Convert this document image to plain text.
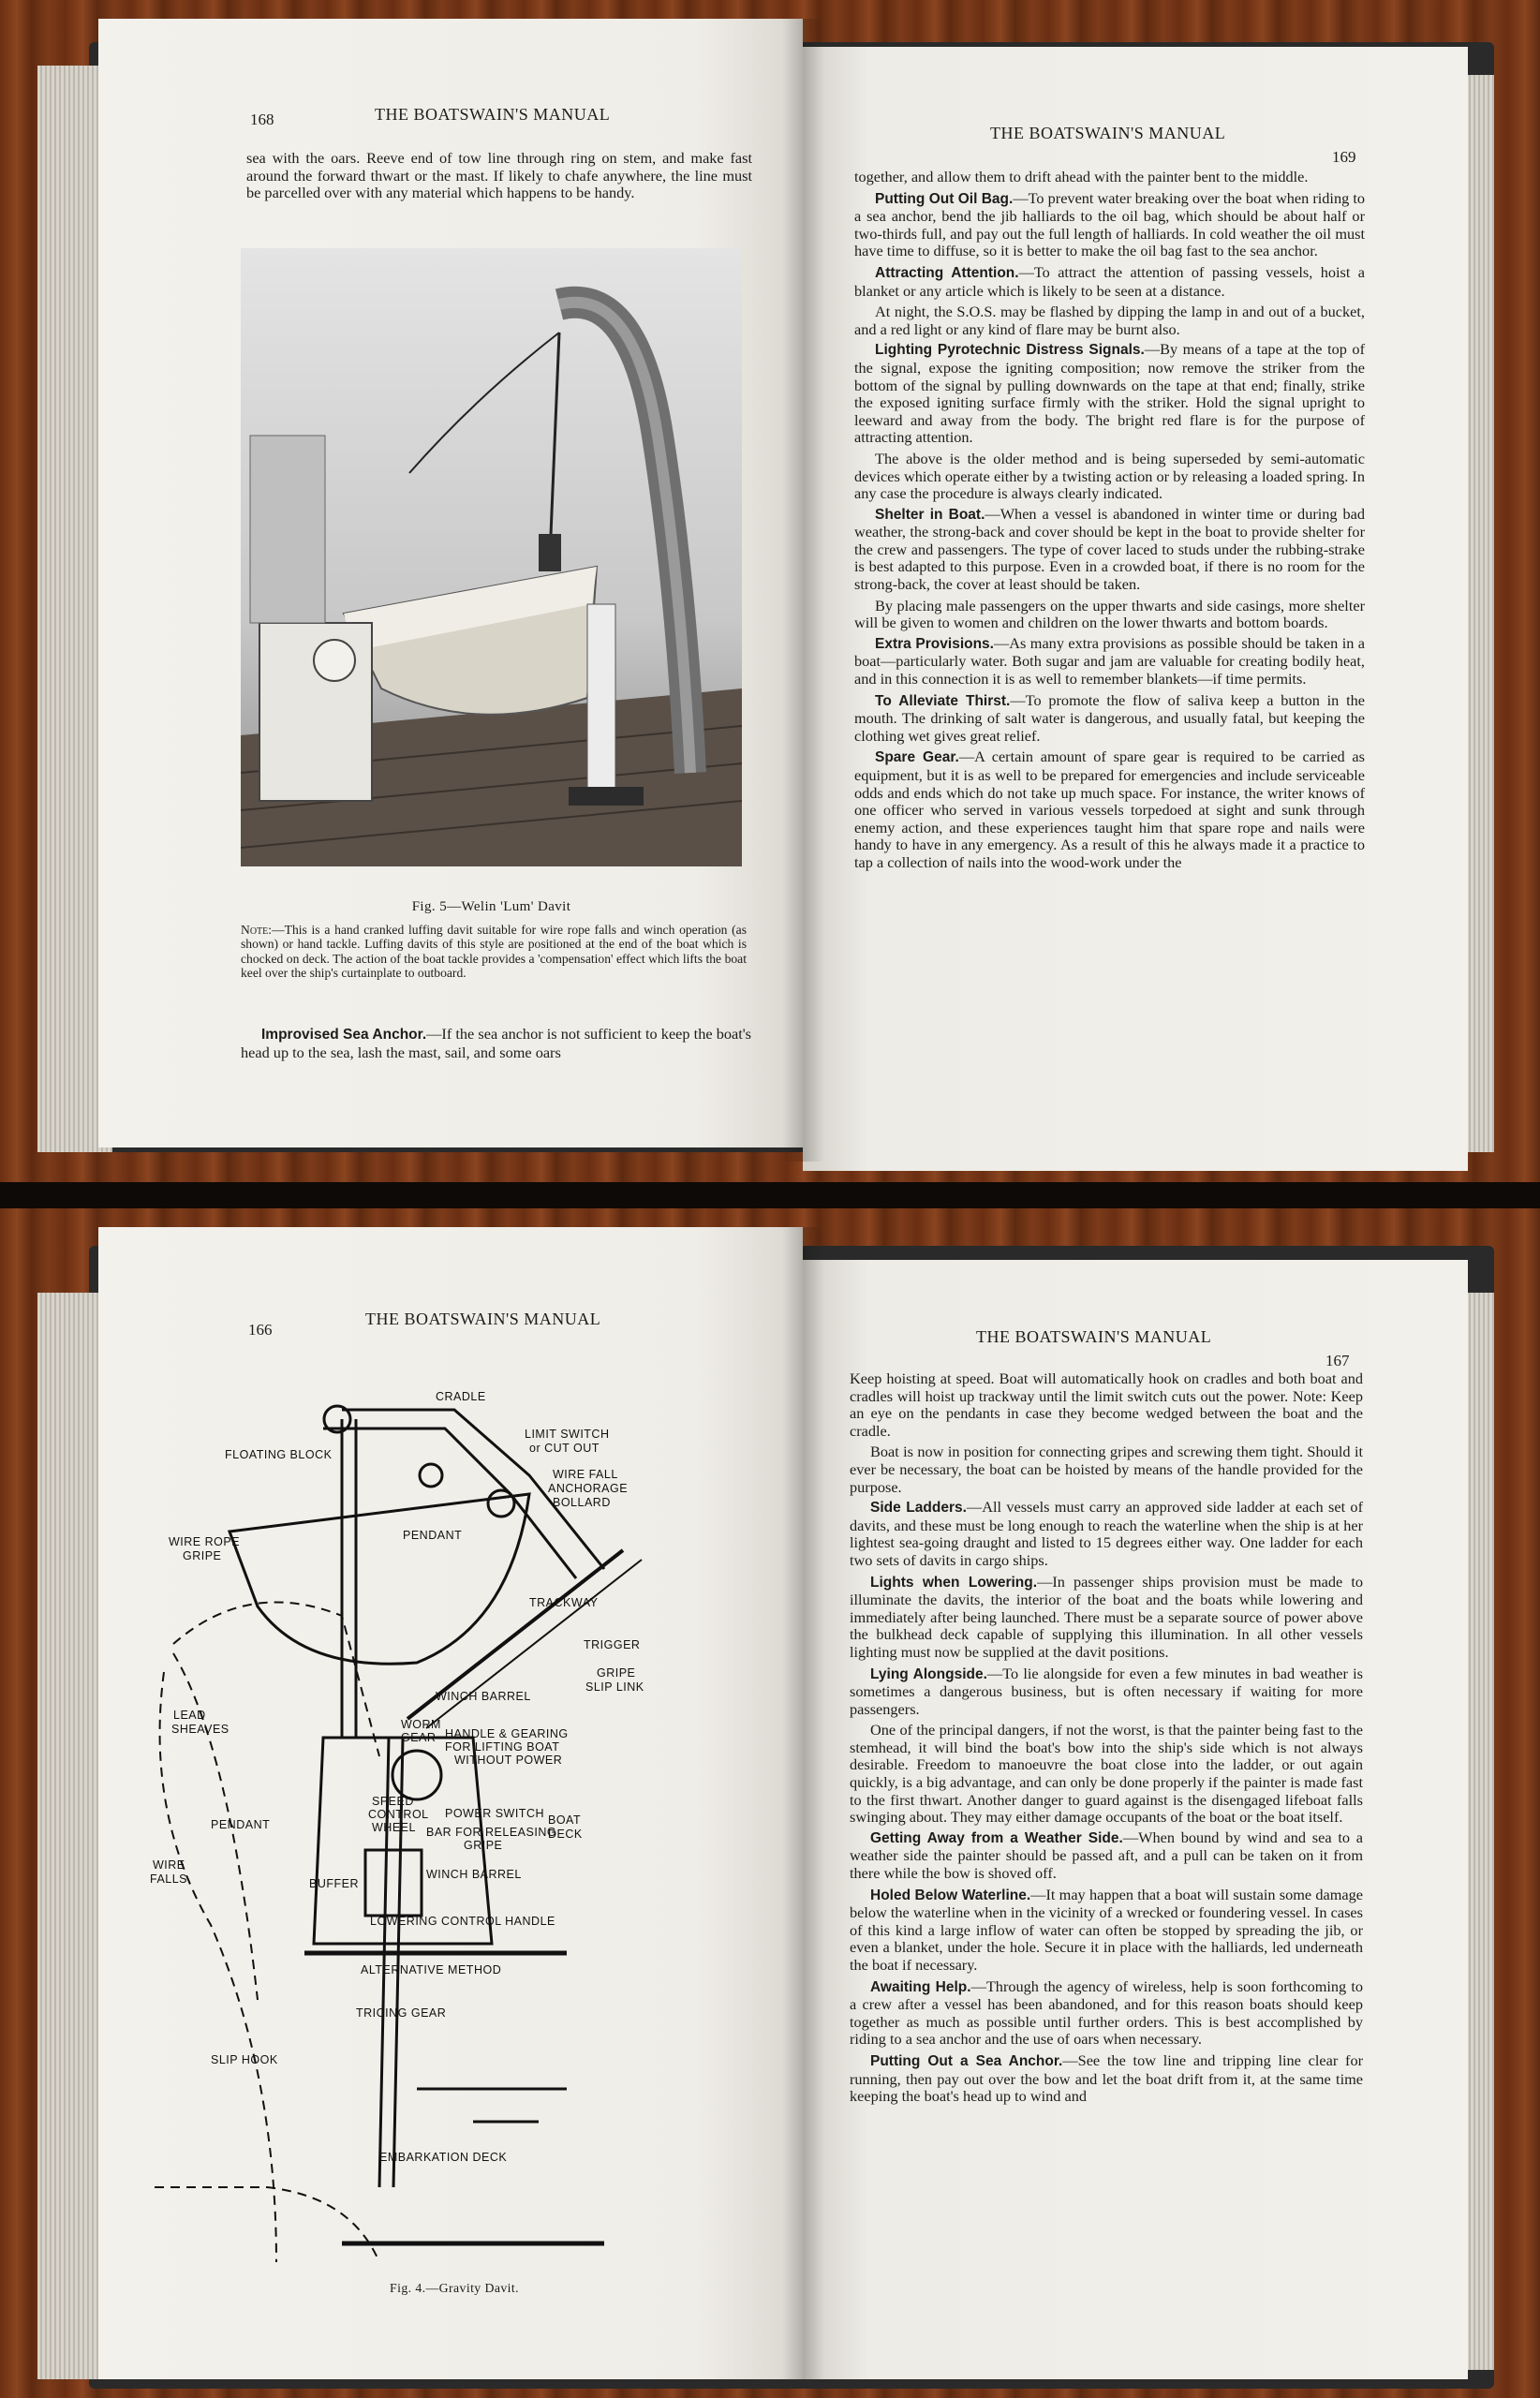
168	THE BOATSWAIN'S MANUAL

sea with the oars. Reeve end of tow line through ring on stem, and make fast around the forward thwart or the mast. If likely to chafe anywhere, the line must be parcelled over with any material which happens to be handy.

Fig. 5—Welin 'Lum' Davit
Note:—This is a hand cranked luffing davit suitable for wire rope falls and winch operation (as shown) or hand tackle. Luffing davits of this style are positioned at the end of the boat which is chocked on deck. The action of the boat tackle provides a 'compensation' effect which lifts the boat keel over the ship's curtainplate to outboard.

Improvised Sea Anchor.—If the sea anchor is not sufficient to keep the boat's head up to the sea, lash the mast, sail, and some oars

THE BOATSWAIN'S MANUAL
169

together, and allow them to drift ahead with the painter bent to the middle.

Putting Out Oil Bag.—To prevent water breaking over the boat when riding to a sea anchor, bend the jib halliards to the oil bag, which should be about half or two-thirds full, and pay out the full length of halliards. In cold weather the oil must have time to diffuse, so it is better to make the oil bag fast to the sea anchor.

Attracting Attention.—To attract the attention of passing vessels, hoist a blanket or any article which is likely to be seen at a distance.

At night, the S.O.S. may be flashed by dipping the lamp in and out of a bucket, and a red light or any kind of flare may be burnt also.

Lighting Pyrotechnic Distress Signals.—By means of a tape at the top of the signal, expose the igniting composition; now remove the striker from the bottom of the signal by pulling downwards on the tape at that end; finally, strike the exposed igniting surface firmly with the striker. Hold the signal upright to leeward and away from the body. The bright red flare is for the purpose of attracting attention.

The above is the older method and is being superseded by semi-automatic devices which operate either by a twisting action or by releasing a loaded spring. In any case the procedure is always clearly indicated.

Shelter in Boat.—When a vessel is abandoned in winter time or during bad weather, the strong-back and cover should be kept in the boat to provide shelter for the crew and passengers. The type of cover laced to studs under the rubbing-strake is best adapted to this purpose. Even in a crowded boat, if there is no room for the strong-back, the cover at least should be taken.

By placing male passengers on the upper thwarts and side casings, more shelter will be given to women and children on the lower thwarts and bottom boards.

Extra Provisions.—As many extra provisions as possible should be taken in a boat—particularly water. Both sugar and jam are valuable for creating bodily heat, and in this connection it is as well to remember blankets—if time permits.

To Alleviate Thirst.—To promote the flow of saliva keep a button in the mouth. The drinking of salt water is dangerous, and usually fatal, but keeping the clothing wet gives great relief.

Spare Gear.—A certain amount of spare gear is required to be carried as equipment, but it is as well to be prepared for emergencies and include serviceable odds and ends which do not take up much space. For instance, the writer knows of one officer who served in various vessels torpedoed at sight and sunk through enemy action, and these experiences taught him that spare rope and nails were handy to have in any emergency. As a result of this he always made it a practice to tap a collection of nails into the wood-work under the

166
THE BOATSWAIN'S MANUAL
CRADLE
FLOATING BLOCK
LIMIT SWITCH
or CUT OUT
WIRE FALL
ANCHORAGE
BOLLARD
WIRE ROPE
GRIPE
PENDANT
TRACKWAY
TRIGGER
GRIPE
SLIP LINK
WINCH BARREL
WORM
GEAR HANDLE & GEARING
FOR LIFTING BOAT
WITHOUT POWER
LEAD
SHEAVES
SPEED
CONTROL
WHEEL
POWER SWITCH
BAR FOR RELEASING
GRIPE
BOAT
DECK
PENDANT
WIRE
FALLS	BUFFER
WINCH BARREL
LOWERING CONTROL HANDLE
ALTERNATIVE METHOD
TRICING GEAR
SLIP HOOK
EMBARKATION DECK
Fig. 4.—Gravity Davit.
THE BOATSWAIN'S MANUAL
167

Keep hoisting at speed. Boat will automatically hook on cradles and both boat and cradles will hoist up trackway until the limit switch cuts out the power. Note: Keep an eye on the pendants in case they become wedged between the boat and the cradle.

Boat is now in position for connecting gripes and screwing them tight. Should it ever be necessary, the boat can be hoisted by means of the handle provided for the purpose.

Side Ladders.—All vessels must carry an approved side ladder at each set of davits, and these must be long enough to reach the waterline when the ship is at her lightest sea-going draught and listed to 15 degrees either way. One ladder for each two sets of davits in cargo ships.

Lights when Lowering.—In passenger ships provision must be made to illuminate the davits, the interior of the boat and the boats while lowering and immediately after being launched. There must be a separate source of power above the bulkhead deck capable of supplying this illumination. In all other vessels lighting must now be supplied at the davit positions.

Lying Alongside.—To lie alongside for even a few minutes in bad weather is sometimes a dangerous business, but is often necessary if waiting for more passengers.

One of the principal dangers, if not the worst, is that the painter being fast to the stemhead, it will bind the boat's bow into the ship's side which is not always desirable. Freedom to manoeuvre the boat close into the ladder, or out again quickly, is a big advantage, and can only be done properly if the painter is made fast to the first thwart. Another danger to guard against is the disengaged lifeboat falls swinging about. They may either damage occupants of the boat or the boat itself.

Getting Away from a Weather Side.—When bound by wind and sea to a weather side the painter should be passed aft, and a pull can be taken on it from there while the bow is shoved off.

Holed Below Waterline.—It may happen that a boat will sustain some damage below the waterline when in the vicinity of a wrecked or foundering vessel. In cases of this kind a large inflow of water can often be stopped by spreading the jib, or even a blanket, under the hole. Secure it in place with the halliards, led underneath the boat if necessary.

Awaiting Help.—Through the agency of wireless, help is soon forthcoming to a crew after a vessel has been abandoned, and for this reason boats should keep together as much as possible until further orders. This is best accomplished by riding to a sea anchor and the use of oars when necessary.

Putting Out a Sea Anchor.—See the tow line and tripping line clear for running, then pay out over the bow and let the boat drift from it, at the same time keeping the boat's head up to wind and
